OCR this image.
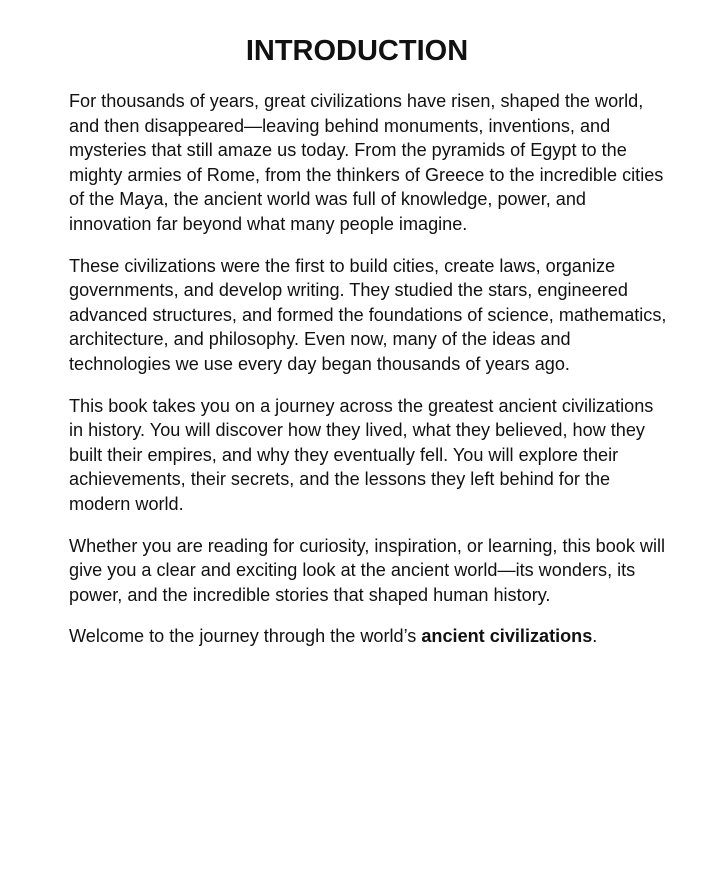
INTRODUCTION

For thousands of years, great civilizations have risen, shaped the world, and then disappeared—leaving behind monuments, inventions, and mysteries that still amaze us today. From the pyramids of Egypt to the mighty armies of Rome, from the thinkers of Greece to the incredible cities of the Maya, the ancient world was full of knowledge, power, and innovation far beyond what many people imagine.

These civilizations were the first to build cities, create laws, organize governments, and develop writing. They studied the stars, engineered advanced structures, and formed the foundations of science, mathematics, architecture, and philosophy. Even now, many of the ideas and technologies we use every day began thousands of years ago.

This book takes you on a journey across the greatest ancient civilizations in history. You will discover how they lived, what they believed, how they built their empires, and why they eventually fell. You will explore their achievements, their secrets, and the lessons they left behind for the modern world.

Whether you are reading for curiosity, inspiration, or learning, this book will give you a clear and exciting look at the ancient world—its wonders, its power, and the incredible stories that shaped human history.

Welcome to the journey through the world’s ancient civilizations.
